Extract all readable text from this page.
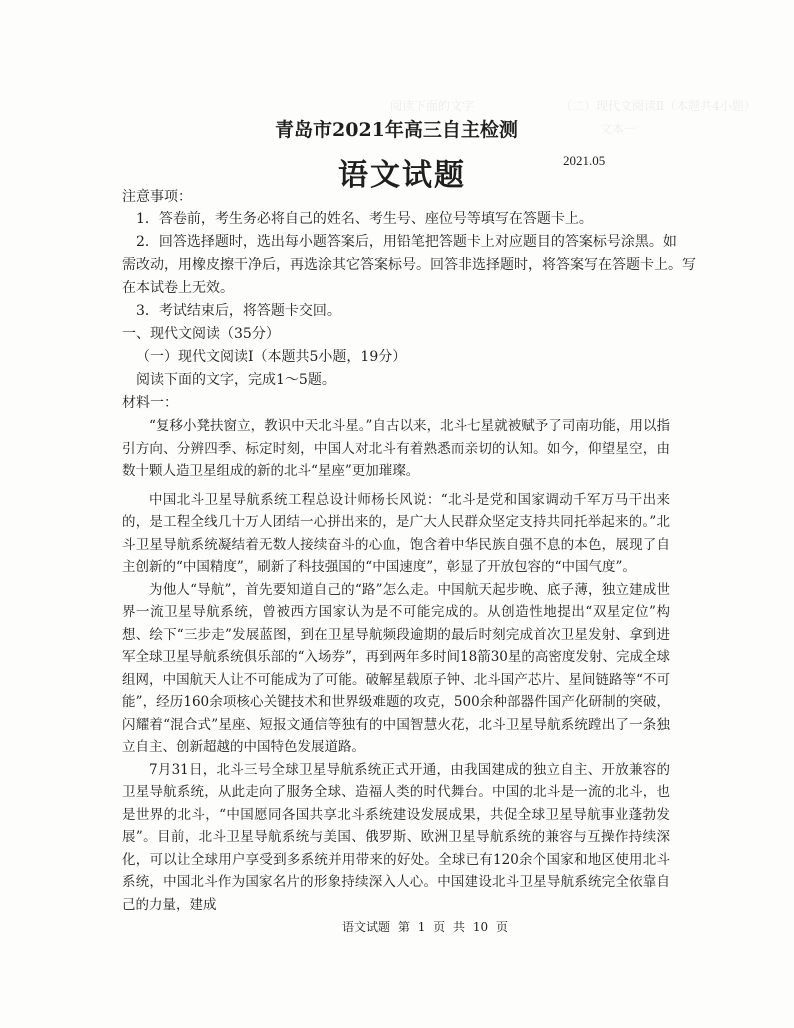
（二）现代文阅读Ⅱ（本题共4小题）
文本一
阅读下面的文字
青岛市2021年高三自主检测
语文试题	2021.05
注意事项：
1．答卷前，考生务必将自己的姓名、考生号、座位号等填写在答题卡上。
2．回答选择题时，选出每小题答案后，用铅笔把答题卡上对应题目的答案标号涂黑。如
需改动，用橡皮擦干净后，再选涂其它答案标号。回答非选择题时，将答案写在答题卡上。写
在本试卷上无效。
3．考试结束后，将答题卡交回。
一、现代文阅读（35分）
（一）现代文阅读Ⅰ（本题共5小题，19分）
阅读下面的文字，完成1～5题。
材料一：

“复移小凳扶窗立，教识中天北斗星。”自古以来，北斗七星就被赋予了司南功能，用以指引方向、分辨四季、标定时刻，中国人对北斗有着熟悉而亲切的认知。如今，仰望星空，由数十颗人造卫星组成的新的北斗“星座”更加璀璨。

中国北斗卫星导航系统工程总设计师杨长风说：“北斗是党和国家调动千军万马干出来的，是工程全线几十万人团结一心拼出来的，是广大人民群众坚定支持共同托举起来的。”北斗卫星导航系统凝结着无数人接续奋斗的心血，饱含着中华民族自强不息的本色，展现了自主创新的“中国精度”，刷新了科技强国的“中国速度”，彰显了开放包容的“中国气度”。

为他人“导航”，首先要知道自己的“路”怎么走。中国航天起步晚、底子薄，独立建成世界一流卫星导航系统，曾被西方国家认为是不可能完成的。从创造性地提出“双星定位”构想、绘下“三步走”发展蓝图，到在卫星导航频段逾期的最后时刻完成首次卫星发射、拿到进军全球卫星导航系统俱乐部的“入场券”，再到两年多时间18箭30星的高密度发射、完成全球组网，中国航天人让不可能成为了可能。破解星载原子钟、北斗国产芯片、星间链路等“不可能”，经历160余项核心关键技术和世界级难题的攻克，500余种部器件国产化研制的突破，闪耀着“混合式”星座、短报文通信等独有的中国智慧火花，北斗卫星导航系统蹚出了一条独立自主、创新超越的中国特色发展道路。

7月31日，北斗三号全球卫星导航系统正式开通，由我国建成的独立自主、开放兼容的卫星导航系统，从此走向了服务全球、造福人类的时代舞台。中国的北斗是一流的北斗，也是世界的北斗，“中国愿同各国共享北斗系统建设发展成果，共促全球卫星导航事业蓬勃发展”。目前，北斗卫星导航系统与美国、俄罗斯、欧洲卫星导航系统的兼容与互操作持续深化，可以让全球用户享受到多系统并用带来的好处。全球已有120余个国家和地区使用北斗系统，中国北斗作为国家名片的形象持续深入人心。中国建设北斗卫星导航系统完全依靠自己的力量，建成

语文试题 第 1 页 共 10 页
